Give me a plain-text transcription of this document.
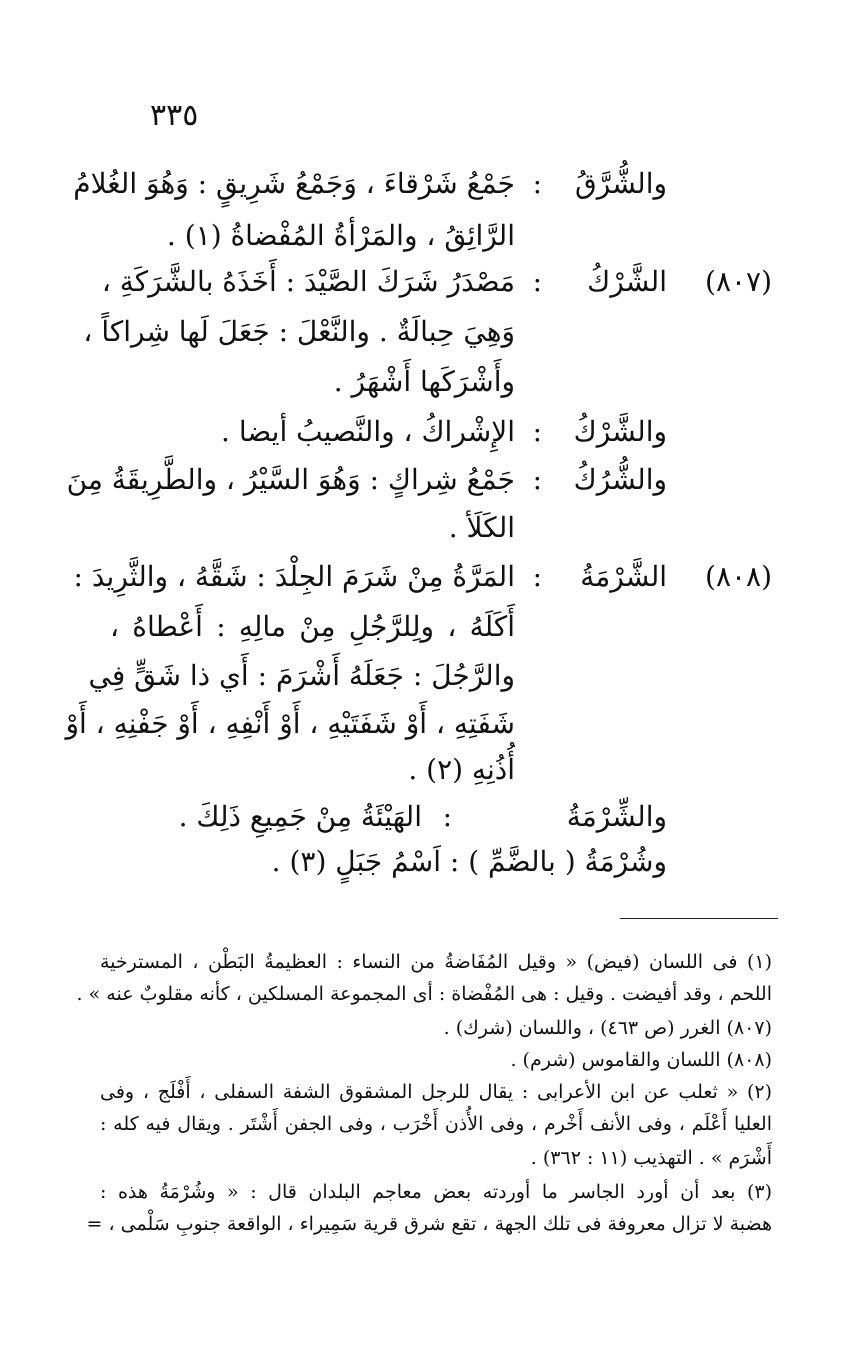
٣٣٥
والشُّرَّقُ
:
جَمْعُ شَرْقاءَ ، وَجَمْعُ شَرِيقٍ : وَهُوَ الغُلامُ
الرَّائِقُ ، والمَرْأةُ المُفْضاةُ (١) .
(٨٠٧)
الشَّرْكُ
:
مَصْدَرُ شَرَكَ الصَّيْدَ : أَخَذَهُ بالشَّرَكَةِ ،
وَهِيَ حِبالَةٌ . والنَّعْلَ : جَعَلَ لَها شِراكاً ،
وأَشْرَكَها أَشْهَرُ .
والشَّرْكُ
:
الإِشْراكُ ، والنَّصيبُ أيضا .
والشُّرُكُ
:
جَمْعُ شِراكٍ : وَهُوَ السَّيْرُ ، والطَّرِيقَةُ مِنَ
الكَلَأ .
(٨٠٨)
الشَّرْمَةُ
:
المَرَّةُ مِنْ شَرَمَ الجِلْدَ : شَقَّهُ ، والثَّرِيدَ :
أَكَلَهُ ، ولِلرَّجُلِ مِنْ مالِهِ : أَعْطاهُ ،
والرَّجُلَ : جَعَلَهُ أَشْرَمَ : أَي ذا شَقٍّ فِي
شَفَتِهِ ، أَوْ شَفَتَيْهِ ، أَوْ أَنْفِهِ ، أَوْ جَفْنِهِ ، أَوْ
أُذُنِهِ (٢) .
والشِّرْمَةُ
:
الهَيْئَةُ مِنْ جَمِيعِ ذَلِكَ .
وشُرْمَةُ ( بالضَّمِّ ) : اَسْمُ جَبَلٍ (٣) .
(١) فى اللسان (فيض) « وقيل المُفَاضةُ من النساء : العظيمةُ البَطْن ، المسترخية
اللحم ، وقد أفيضت . وقيل : هى المُفْضاة : أى المجموعة المسلكين ، كأنه مقلوبٌ عنه » .
(٨٠٧) الغرر (ص ٤٦٣) ، واللسان (شرك) .
(٨٠٨) اللسان والقاموس (شرم) .
(٢) « ثعلب عن ابن الأعرابى : يقال للرجل المشقوق الشفة السفلى ، أَفْلَج ، وفى
العليا أَعْلَم ، وفى الأنف أَخْرم ، وفى الأُذن أَخْرَب ، وفى الجفن أَشْتَر . ويقال فيه كله :
أَشْرَم » . التهذيب (١١ : ٣٦٢) .
(٣) بعد أن أورد الجاسر ما أوردته بعض معاجم البلدان قال : « وشُرْمَةُ هذه :
هضبة لا تزال معروفة فى تلك الجهة ، تقع شرق قرية سَمِيراء ، الواقعة جنوبِ سَلْمى ، =
